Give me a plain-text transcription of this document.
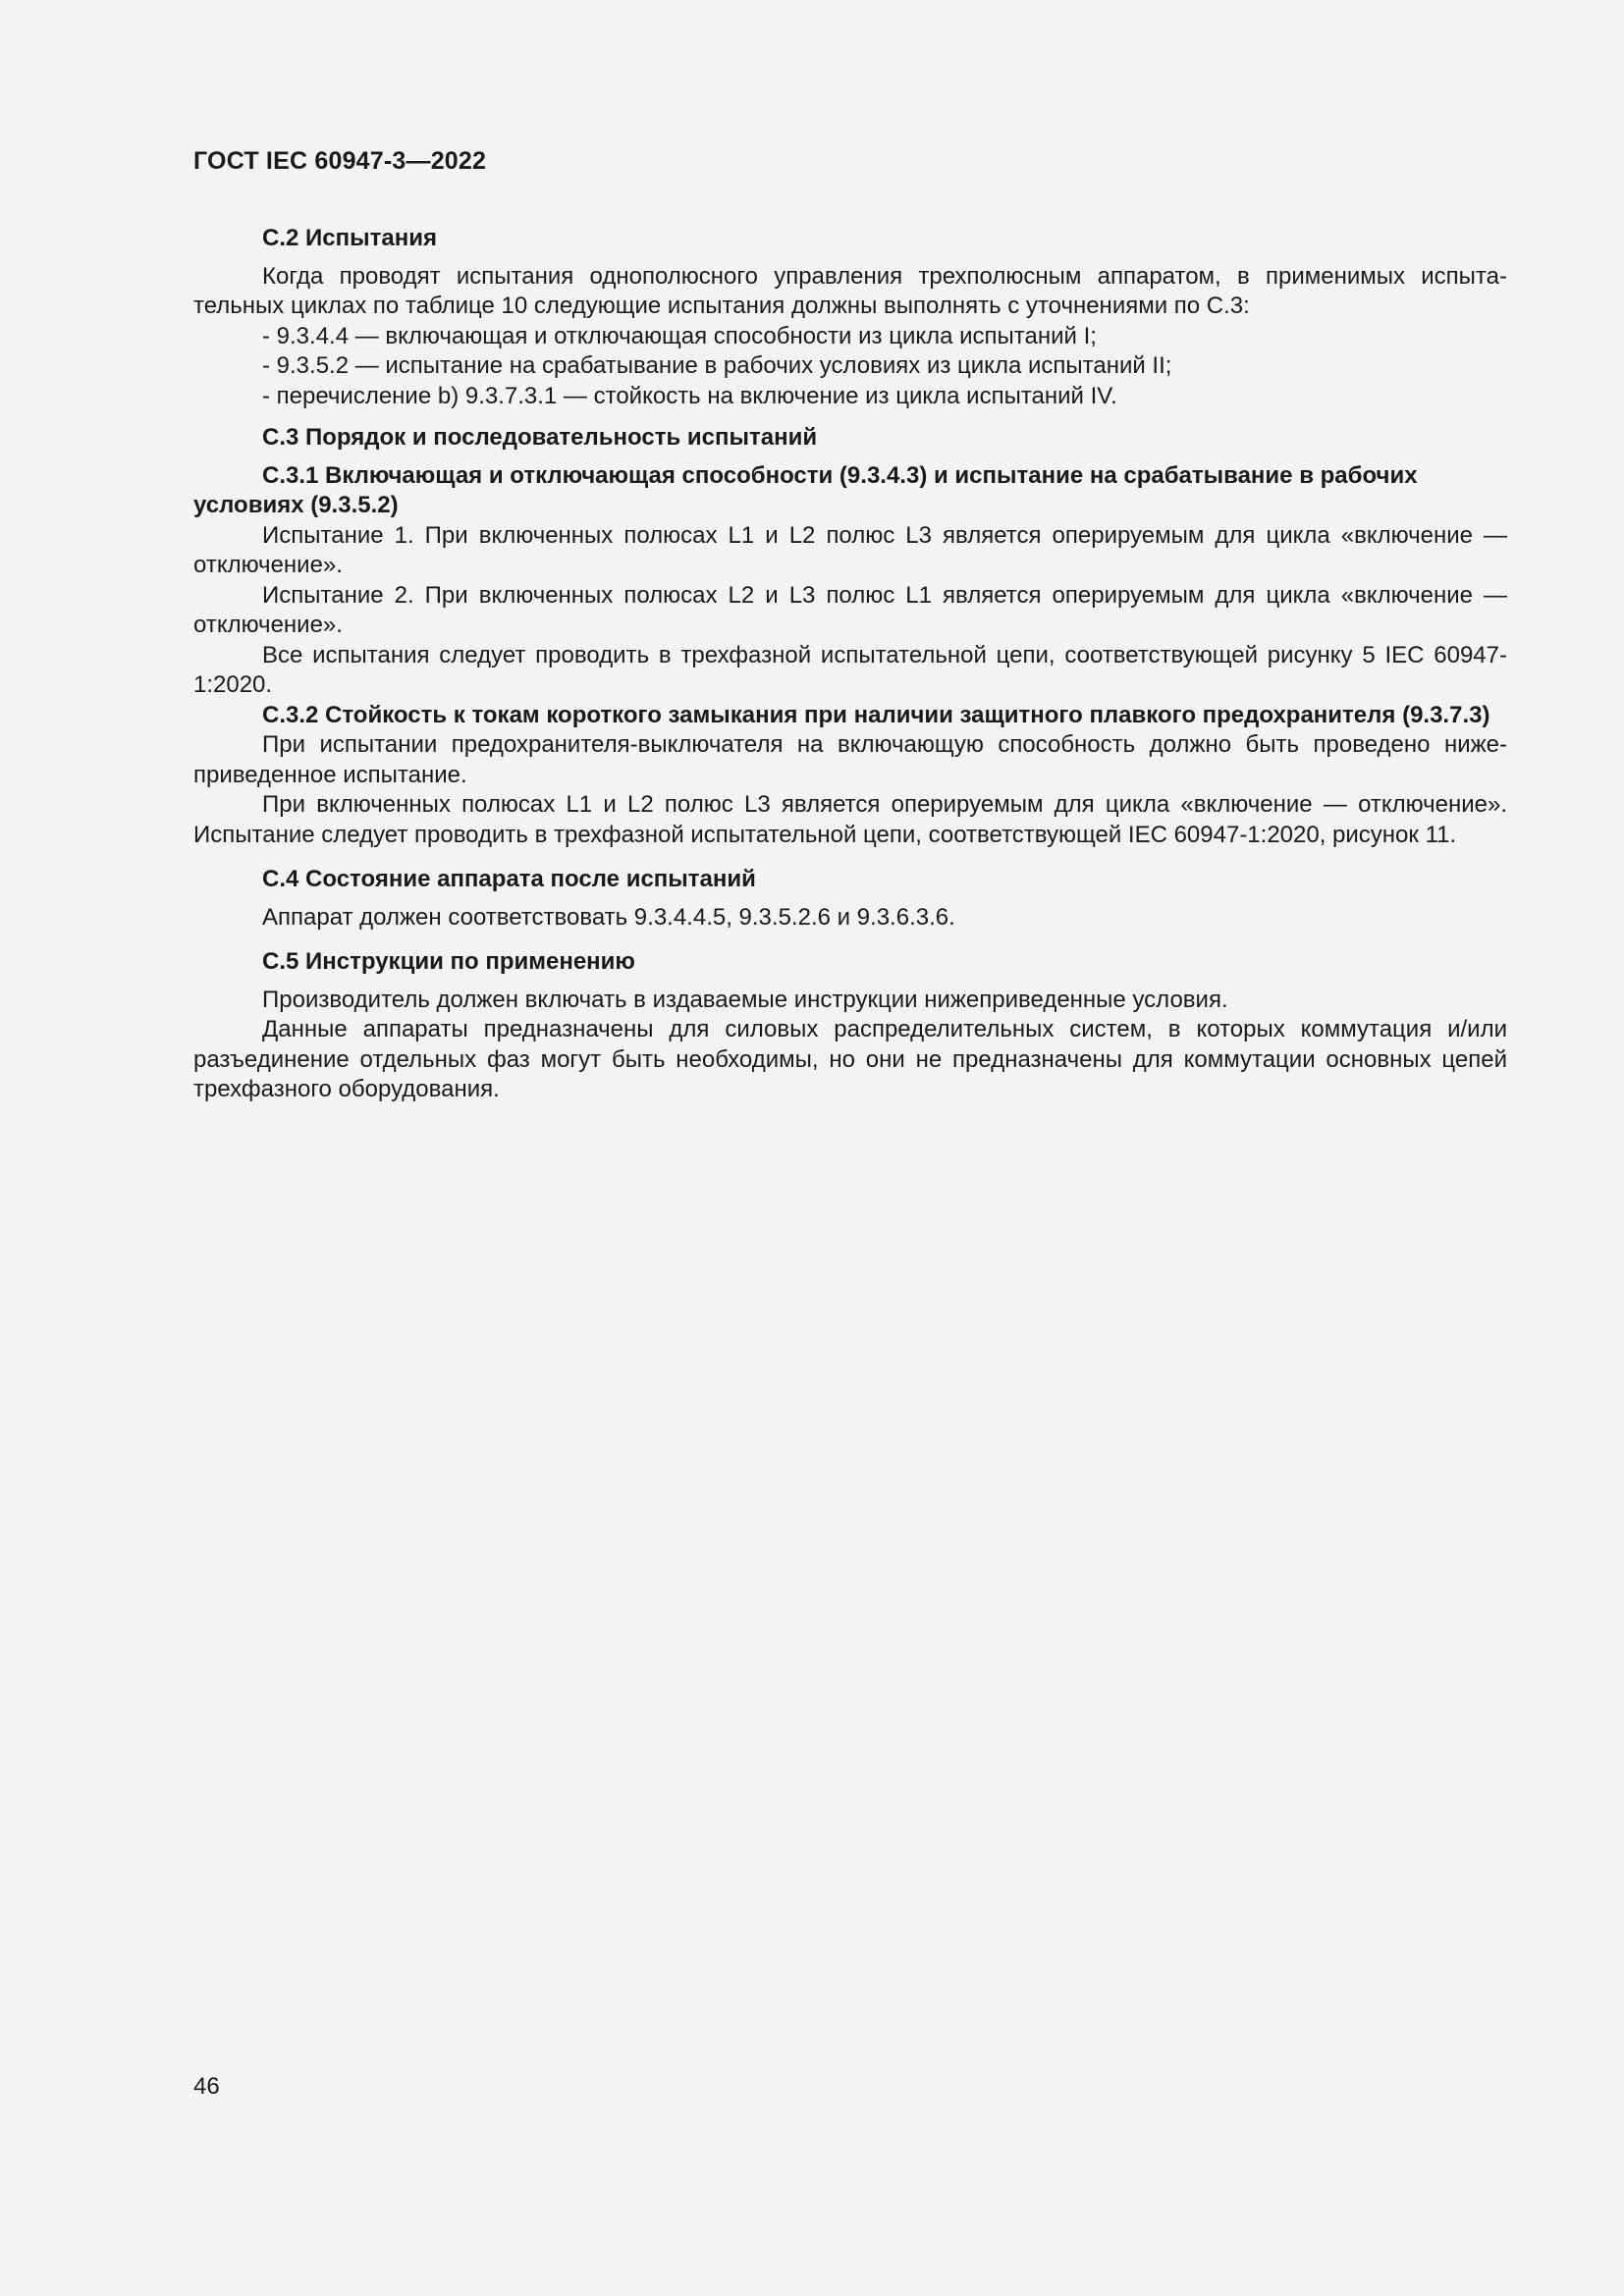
ГОСТ IEC 60947-3—2022

С.2 Испытания

Когда проводят испытания однополюсного управления трехполюсным аппаратом, в применимых испыта-тельных циклах по таблице 10 следующие испытания должны выполнять с уточнениями по С.3:

- 9.3.4.4 — включающая и отключающая способности из цикла испытаний I;

- 9.3.5.2 — испытание на срабатывание в рабочих условиях из цикла испытаний II;

- перечисление b) 9.3.7.3.1 — стойкость на включение из цикла испытаний IV.

С.3 Порядок и последовательность испытаний

С.3.1 Включающая и отключающая способности (9.3.4.3) и испытание на срабатывание в рабочих условиях (9.3.5.2)

Испытание 1. При включенных полюсах L1 и L2 полюс L3 является оперируемым для цикла «включение — отключение».

Испытание 2. При включенных полюсах L2 и L3 полюс L1 является оперируемым для цикла «включение — отключение».

Все испытания следует проводить в трехфазной испытательной цепи, соответствующей рисунку 5 IEC 60947-1:2020.

С.3.2 Стойкость к токам короткого замыкания при наличии защитного плавкого предохранителя (9.3.7.3)

При испытании предохранителя-выключателя на включающую способность должно быть проведено ниже-приведенное испытание.

При включенных полюсах L1 и L2 полюс L3 является оперируемым для цикла «включение — отключение». Испытание следует проводить в трехфазной испытательной цепи, соответствующей IEC 60947-1:2020, рисунок 11.

С.4 Состояние аппарата после испытаний

Аппарат должен соответствовать 9.3.4.4.5, 9.3.5.2.6 и 9.3.6.3.6.

С.5 Инструкции по применению

Производитель должен включать в издаваемые инструкции нижеприведенные условия.

Данные аппараты предназначены для силовых распределительных систем, в которых коммутация и/или разъединение отдельных фаз могут быть необходимы, но они не предназначены для коммутации основных цепей трехфазного оборудования.

46
